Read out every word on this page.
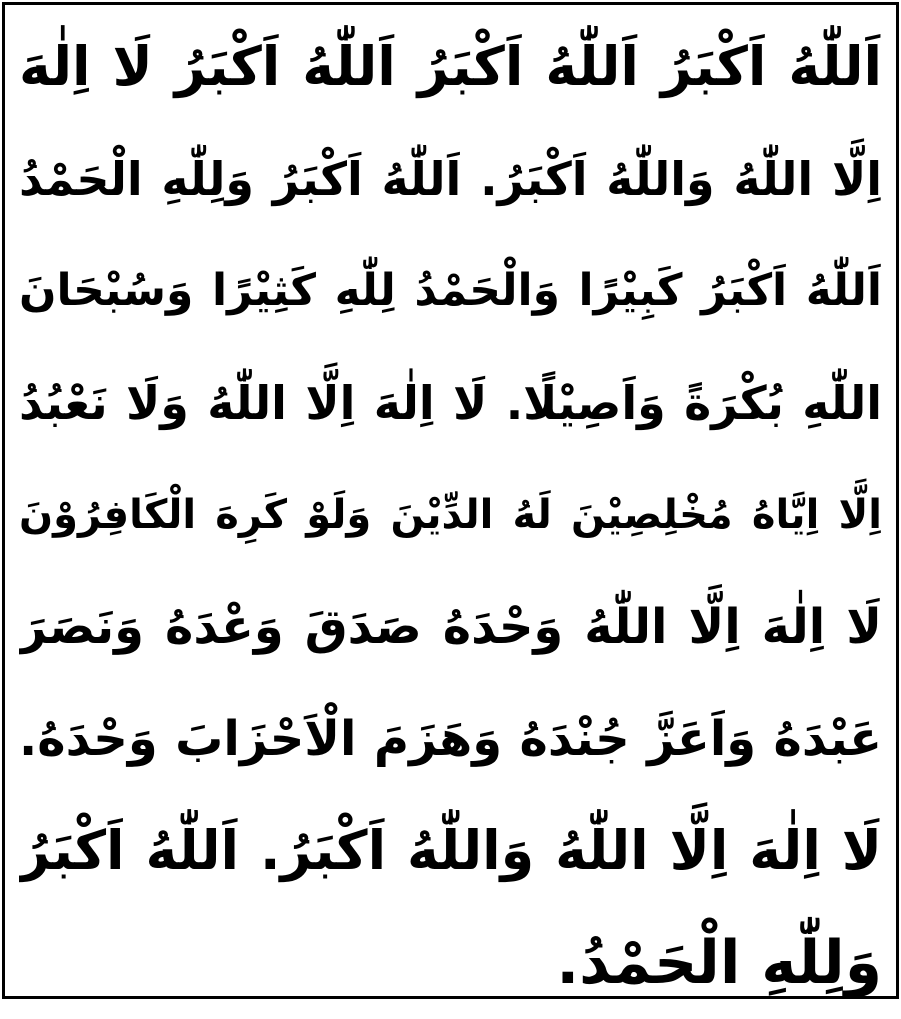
اَللّٰهُ اَكْبَرُ اَللّٰهُ اَكْبَرُ اَللّٰهُ اَكْبَرُ لَا اِلٰهَ
اِلَّا اللّٰهُ وَاللّٰهُ اَكْبَرُ. اَللّٰهُ اَكْبَرُ وَلِلّٰهِ الْحَمْدُ
اَللّٰهُ اَكْبَرُ كَبِيْرًا وَالْحَمْدُ لِلّٰهِ كَثِيْرًا وَسُبْحَانَ
اللّٰهِ بُكْرَةً وَاَصِيْلًا. لَا اِلٰهَ اِلَّا اللّٰهُ وَلَا نَعْبُدُ
اِلَّا اِيَّاهُ مُخْلِصِيْنَ لَهُ الدِّيْنَ وَلَوْ كَرِهَ الْكَافِرُوْنَ
لَا اِلٰهَ اِلَّا اللّٰهُ وَحْدَهُ صَدَقَ وَعْدَهُ وَنَصَرَ
عَبْدَهُ وَاَعَزَّ جُنْدَهُ وَهَزَمَ الْاَحْزَابَ وَحْدَهُ.
لَا اِلٰهَ اِلَّا اللّٰهُ وَاللّٰهُ اَكْبَرُ. اَللّٰهُ اَكْبَرُ
وَلِلّٰهِ الْحَمْدُ.
